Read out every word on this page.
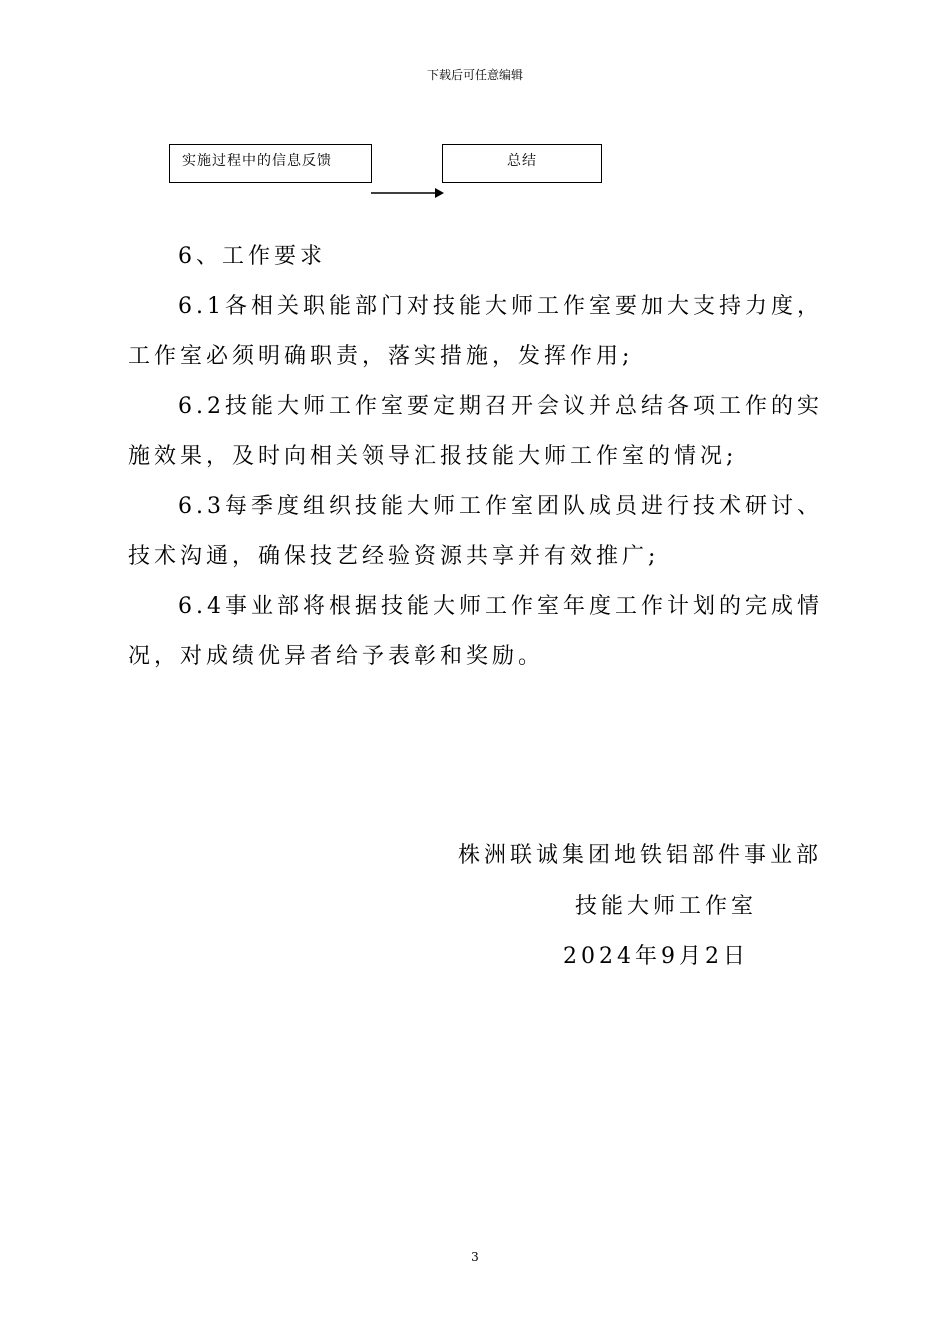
下载后可任意编辑
实施过程中的信息反馈	总结
6、工作要求
6.1各相关职能部门对技能大师工作室要加大支持力度，工作室必须明确职责，落实措施，发挥作用;
6.2技能大师工作室要定期召开会议并总结各项工作的实施效果，及时向相关领导汇报技能大师工作室的情况;
6.3每季度组织技能大师工作室团队成员进行技术研讨、技术沟通，确保技艺经验资源共享并有效推广;
6.4事业部将根据技能大师工作室年度工作计划的完成情况，对成绩优异者给予表彰和奖励。
株洲联诚集团地铁铝部件事业部
技能大师工作室
2024年9月2日
3
